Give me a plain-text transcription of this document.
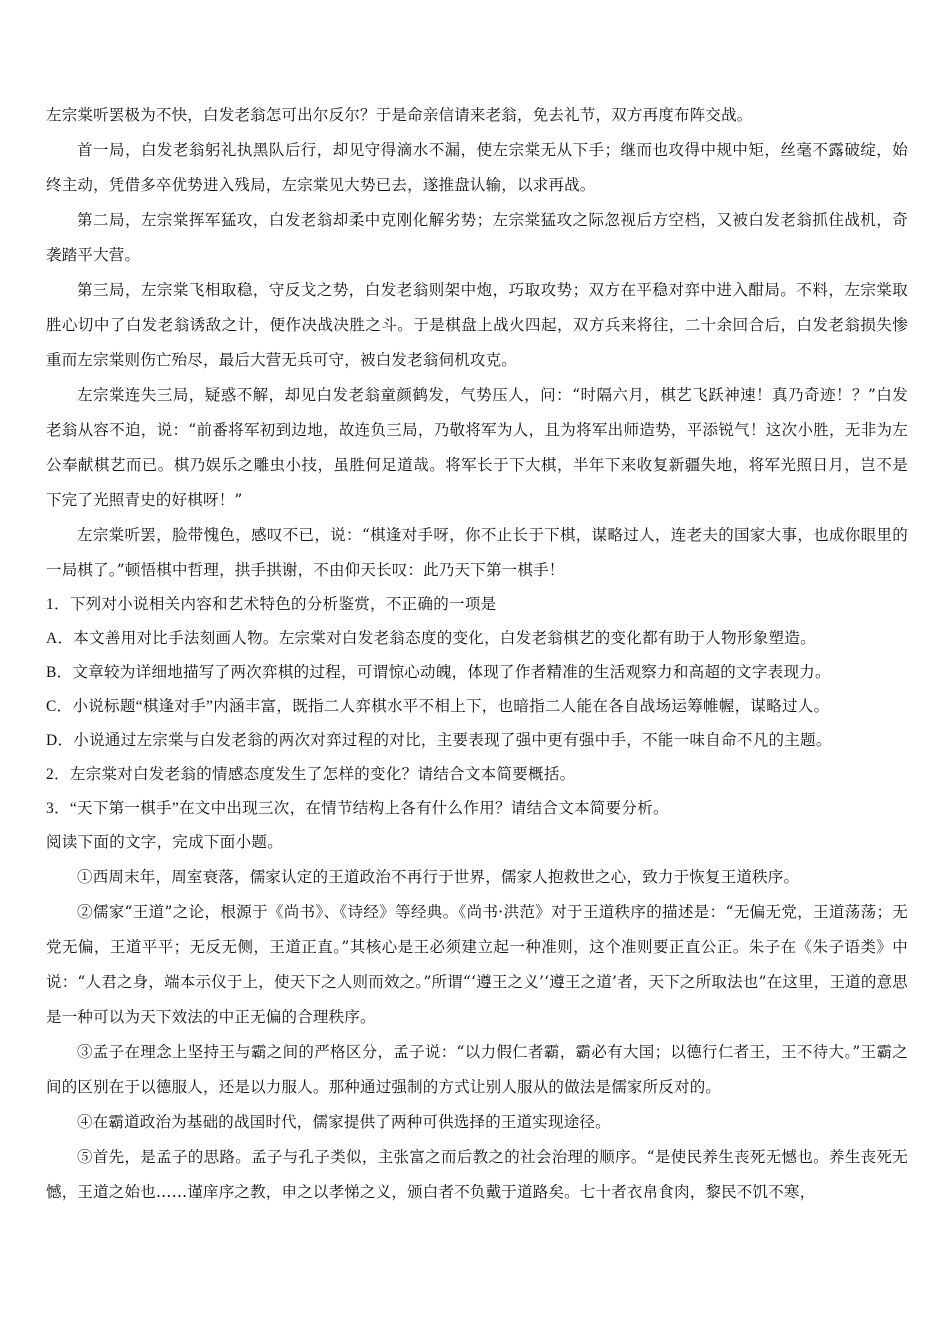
左宗棠听罢极为不快，白发老翁怎可出尔反尔？于是命亲信请来老翁，免去礼节，双方再度布阵交战。

首一局，白发老翁躬礼执黑队后行，却见守得滴水不漏，使左宗棠无从下手；继而也攻得中规中矩，丝毫不露破绽，始终主动，凭借多卒优势进入残局，左宗棠见大势已去，遂推盘认输，以求再战。

第二局，左宗棠挥军猛攻，白发老翁却柔中克刚化解劣势；左宗棠猛攻之际忽视后方空档，又被白发老翁抓住战机，奇袭踏平大营。

第三局，左宗棠飞相取稳，守反戈之势，白发老翁则架中炮，巧取攻势；双方在平稳对弈中进入酣局。不料，左宗棠取胜心切中了白发老翁诱敌之计，便作决战决胜之斗。于是棋盘上战火四起，双方兵来将往，二十余回合后，白发老翁损失惨重而左宗棠则伤亡殆尽，最后大营无兵可守，被白发老翁伺机攻克。

左宗棠连失三局，疑惑不解，却见白发老翁童颜鹤发，气势压人，问：“时隔六月，棋艺飞跃神速！真乃奇迹！？”白发老翁从容不迫，说：“前番将军初到边地，故连负三局，乃敬将军为人，且为将军出师造势，平添锐气！这次小胜，无非为左公奉献棋艺而已。棋乃娱乐之雕虫小技，虽胜何足道哉。将军长于下大棋，半年下来收复新疆失地，将军光照日月，岂不是下完了光照青史的好棋呀！”

左宗棠听罢，脸带愧色，感叹不已，说：“棋逢对手呀，你不止长于下棋，谋略过人，连老夫的国家大事，也成你眼里的一局棋了。”顿悟棋中哲理，拱手拱谢，不由仰天长叹：此乃天下第一棋手！

1．下列对小说相关内容和艺术特色的分析鉴赏，不正确的一项是

A．本文善用对比手法刻画人物。左宗棠对白发老翁态度的变化，白发老翁棋艺的变化都有助于人物形象塑造。

B．文章较为详细地描写了两次弈棋的过程，可谓惊心动魄，体现了作者精准的生活观察力和高超的文字表现力。

C．小说标题“棋逢对手”内涵丰富，既指二人弈棋水平不相上下，也暗指二人能在各自战场运筹帷幄，谋略过人。

D．小说通过左宗棠与白发老翁的两次对弈过程的对比，主要表现了强中更有强中手，不能一味自命不凡的主题。

2．左宗棠对白发老翁的情感态度发生了怎样的变化？请结合文本简要概括。

3．“天下第一棋手”在文中出现三次，在情节结构上各有什么作用？请结合文本简要分析。

阅读下面的文字，完成下面小题。

①西周末年，周室衰落，儒家认定的王道政治不再行于世界，儒家人抱救世之心，致力于恢复王道秩序。

②儒家“王道”之论，根源于《尚书》、《诗经》等经典。《尚书·洪范》对于王道秩序的描述是：“无偏无党，王道荡荡；无党无偏，王道平平；无反无侧，王道正直。”其核心是王必须建立起一种准则，这个准则要正直公正。朱子在《朱子语类》中说：“人君之身，端本示仪于上，使天下之人则而效之。”所谓“‘遵王之义’‘遵王之道’者，天下之所取法也”在这里，王道的意思是一种可以为天下效法的中正无偏的合理秩序。

③孟子在理念上坚持王与霸之间的严格区分，孟子说：“以力假仁者霸，霸必有大国；以德行仁者王，王不待大。”王霸之间的区别在于以德服人，还是以力服人。那种通过强制的方式让别人服从的做法是儒家所反对的。

④在霸道政治为基础的战国时代，儒家提供了两种可供选择的王道实现途径。

⑤首先，是孟子的思路。孟子与孔子类似，主张富之而后教之的社会治理的顺序。“是使民养生丧死无憾也。养生丧死无憾，王道之始也……谨庠序之教，申之以孝悌之义，颁白者不负戴于道路矣。七十者衣帛食肉，黎民不饥不寒，
